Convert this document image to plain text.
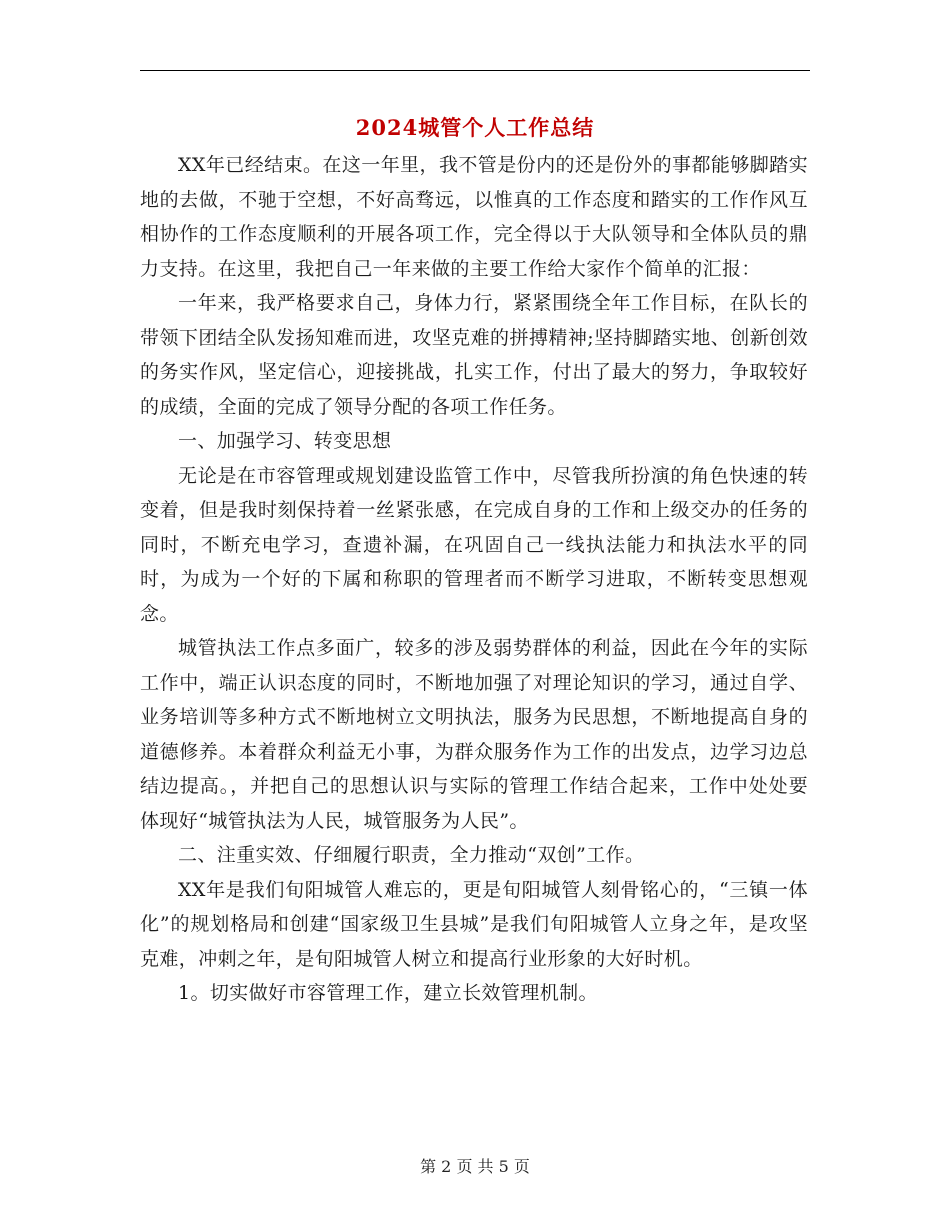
2024城管个人工作总结

XX年已经结束。在这一年里，我不管是份内的还是份外的事都能够脚踏实地的去做，不驰于空想，不好高骛远，以惟真的工作态度和踏实的工作作风互相协作的工作态度顺利的开展各项工作，完全得以于大队领导和全体队员的鼎力支持。在这里，我把自己一年来做的主要工作给大家作个简单的汇报：

一年来，我严格要求自己，身体力行，紧紧围绕全年工作目标，在队长的带领下团结全队发扬知难而进，攻坚克难的拼搏精神;坚持脚踏实地、创新创效的务实作风，坚定信心，迎接挑战，扎实工作，付出了最大的努力，争取较好的成绩，全面的完成了领导分配的各项工作任务。

一、加强学习、转变思想

无论是在市容管理或规划建设监管工作中，尽管我所扮演的角色快速的转变着，但是我时刻保持着一丝紧张感，在完成自身的工作和上级交办的任务的同时，不断充电学习，查遗补漏，在巩固自己一线执法能力和执法水平的同时，为成为一个好的下属和称职的管理者而不断学习进取，不断转变思想观念。

城管执法工作点多面广，较多的涉及弱势群体的利益，因此在今年的实际工作中，端正认识态度的同时，不断地加强了对理论知识的学习，通过自学、业务培训等多种方式不断地树立文明执法，服务为民思想，不断地提高自身的道德修养。本着群众利益无小事，为群众服务作为工作的出发点，边学习边总结边提高。，并把自己的思想认识与实际的管理工作结合起来，工作中处处要体现好“城管执法为人民，城管服务为人民”。

二、注重实效、仔细履行职责，全力推动“双创”工作。

XX年是我们旬阳城管人难忘的，更是旬阳城管人刻骨铭心的，“三镇一体化”的规划格局和创建“国家级卫生县城”是我们旬阳城管人立身之年，是攻坚克难，冲刺之年，是旬阳城管人树立和提高行业形象的大好时机。

1。切实做好市容管理工作，建立长效管理机制。

第 2 页 共 5 页
